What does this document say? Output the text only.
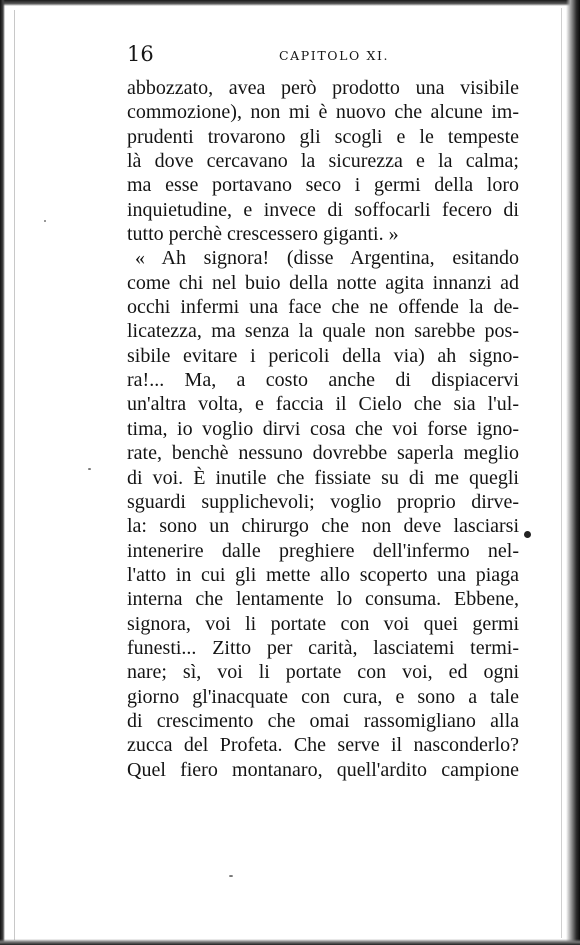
16	CAPITOLO XI.
abbozzato, avea però prodotto una visibile
commozione), non mi è nuovo che alcune im-
prudenti trovarono gli scogli e le tempeste
là dove cercavano la sicurezza e la calma;
ma esse portavano seco i germi della loro
inquietudine, e invece di soffocarli fecero di
tutto perchè crescessero giganti. »
« Ah signora! (disse Argentina, esitando
come chi nel buio della notte agita innanzi ad
occhi infermi una face che ne offende la de-
licatezza, ma senza la quale non sarebbe pos-
sibile evitare i pericoli della via) ah signo-
ra!... Ma, a costo anche di dispiacervi
un'altra volta, e faccia il Cielo che sia l'ul-
tima, io voglio dirvi cosa che voi forse igno-
rate, benchè nessuno dovrebbe saperla meglio
di voi. È inutile che fissiate su di me quegli
sguardi supplichevoli; voglio proprio dirve-
la: sono un chirurgo che non deve lasciarsi
intenerire dalle preghiere dell'infermo nel-
l'atto in cui gli mette allo scoperto una piaga
interna che lentamente lo consuma. Ebbene,
signora, voi li portate con voi quei germi
funesti... Zitto per carità, lasciatemi termi-
nare; sì, voi li portate con voi, ed ogni
giorno gl'inacquate con cura, e sono a tale
di crescimento che omai rassomigliano alla
zucca del Profeta. Che serve il nasconderlo?
Quel fiero montanaro, quell'ardito campione
